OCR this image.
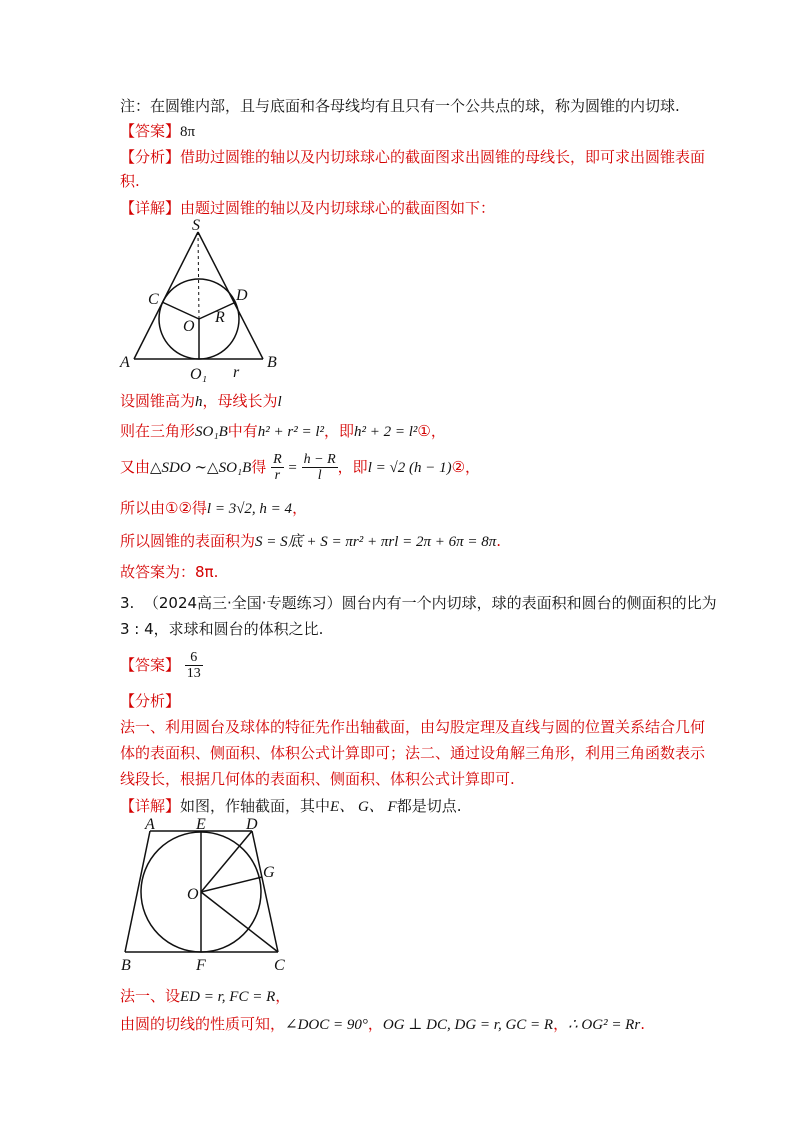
注：在圆锥内部，且与底面和各母线均有且只有一个公共点的球，称为圆锥的内切球.
【答案】8π
【分析】借助过圆锥的轴以及内切球球心的截面图求出圆锥的母线长，即可求出圆锥表面
积.
【详解】由题过圆锥的轴以及内切球球心的截面图如下：
S
C	D
O
R
A	B
O₁ r
设圆锥高为h，母线长为l
则在三角形SO₁B中有h² + r² = l²，即h² + 2 = l²①，
又由△SDO ∼△SO₁B得 $\frac{R}{r} = \frac{h - R}{l}$ ，即l = √2 (h − 1)②，
所以由①②得l = 3√2, h = 4，
所以圆锥的表面积为S = S底 + S = πr² + πrl = 2π + 6π = 8π.
故答案为：8π.
3. （2024高三·全国·专题练习）圆台内有一个内切球，球的表面积和圆台的侧面积的比为
3 : 4，求球和圆台的体积之比.
【答案】 $\frac{6}{13}$
【分析】
法一、利用圆台及球体的特征先作出轴截面，由勾股定理及直线与圆的位置关系结合几何
体的表面积、侧面积、体积公式计算即可；法二、通过设角解三角形，利用三角函数表示
线段长，根据几何体的表面积、侧面积、体积公式计算即可.
【详解】如图，作轴截面，其中E、 G、 F都是切点.
A	E	D
G
O
B	F	C
法一、设ED = r, FC = R，
由圆的切线的性质可知，∠DOC = 90°，OG ⊥ DC, DG = r, GC = R，∴ OG² = Rr.
